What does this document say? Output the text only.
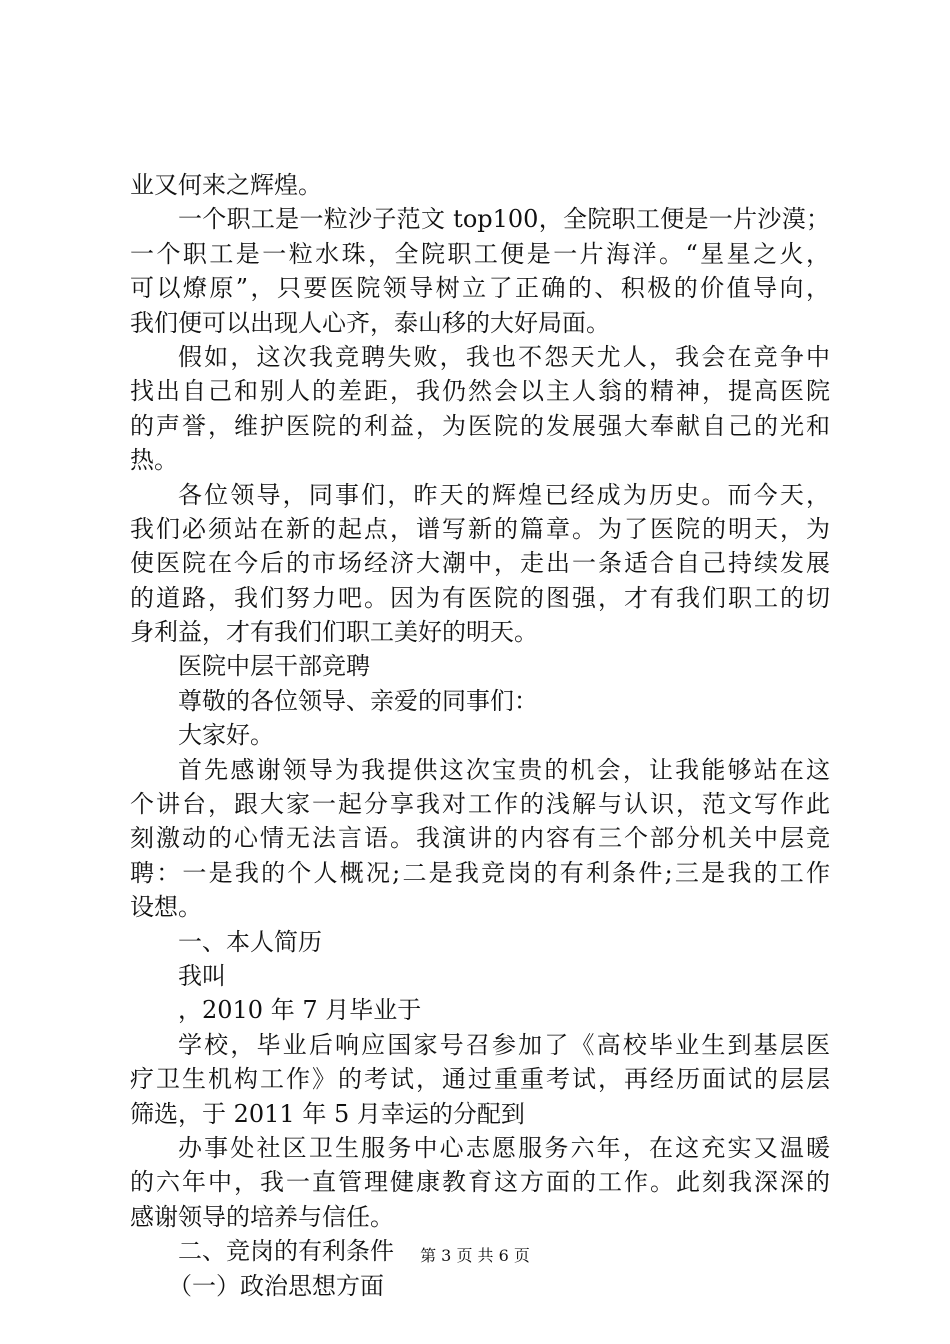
业又何来之辉煌。
一个职工是一粒沙子范文 top100，全院职工便是一片沙漠；
一个职工是一粒水珠，全院职工便是一片海洋。“星星之火，
可以燎原”，只要医院领导树立了正确的、积极的价值导向，
我们便可以出现人心齐，泰山移的大好局面。
假如，这次我竞聘失败，我也不怨天尤人，我会在竞争中
找出自己和别人的差距，我仍然会以主人翁的精神，提高医院
的声誉，维护医院的利益，为医院的发展强大奉献自己的光和
热。
各位领导，同事们，昨天的辉煌已经成为历史。而今天，
我们必须站在新的起点，谱写新的篇章。为了医院的明天，为
使医院在今后的市场经济大潮中，走出一条适合自己持续发展
的道路，我们努力吧。因为有医院的图强，才有我们职工的切
身利益，才有我们们职工美好的明天。
医院中层干部竞聘
尊敬的各位领导、亲爱的同事们：
大家好。
首先感谢领导为我提供这次宝贵的机会，让我能够站在这
个讲台，跟大家一起分享我对工作的浅解与认识，范文写作此
刻激动的心情无法言语。我演讲的内容有三个部分机关中层竞
聘：一是我的个人概况;二是我竞岗的有利条件;三是我的工作
设想。
一、本人简历
我叫
，2010 年 7 月毕业于
学校，毕业后响应国家号召参加了《高校毕业生到基层医
疗卫生机构工作》的考试，通过重重考试，再经历面试的层层
筛选，于 2011 年 5 月幸运的分配到
办事处社区卫生服务中心志愿服务六年，在这充实又温暖
的六年中，我一直管理健康教育这方面的工作。此刻我深深的
感谢领导的培养与信任。
二、竞岗的有利条件
（一）政治思想方面
第 3 页 共 6 页
